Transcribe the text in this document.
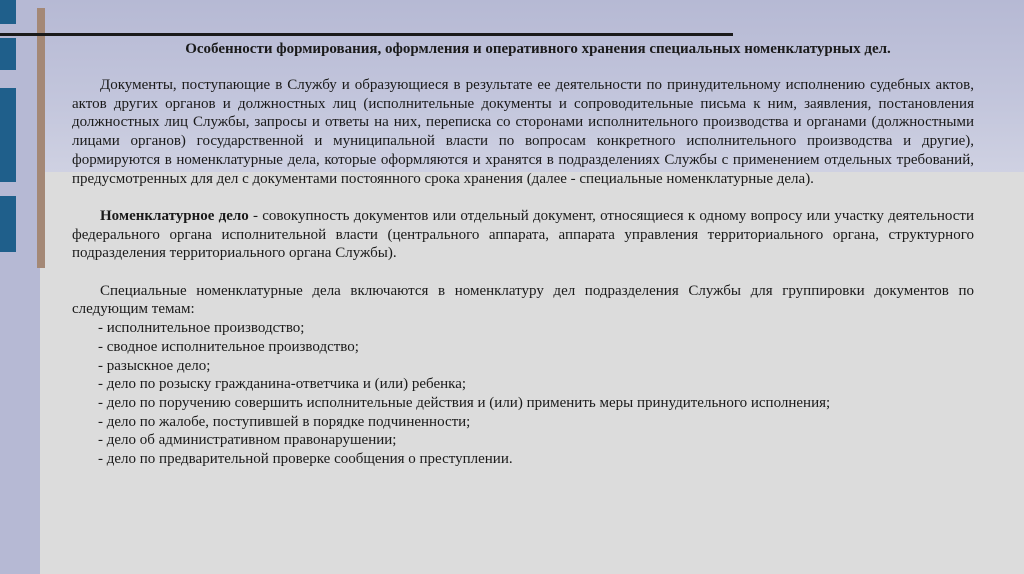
Особенности формирования, оформления и оперативного хранения специальных номенклатурных дел.

Документы, поступающие в Службу и образующиеся в результате ее деятельности по принудительному исполнению судебных актов, актов других органов и должностных лиц (исполнительные документы и сопроводительные письма к ним, заявления, постановления должностных лиц Службы, запросы и ответы на них, переписка со сторонами исполнительного производства и органами (должностными лицами органов) государственной и муниципальной власти по вопросам конкретного исполнительного производства и другие), формируются в номенклатурные дела, которые оформляются и хранятся в подразделениях Службы с применением отдельных требований, предусмотренных для дел с документами постоянного срока хранения (далее - специальные номенклатурные дела).

Номенклатурное дело - совокупность документов или отдельный документ, относящиеся к одному вопросу или участку деятельности федерального органа исполнительной власти (центрального аппарата, аппарата управления территориального органа, структурного подразделения территориального органа Службы).

Специальные номенклатурные дела включаются в номенклатуру дел подразделения Службы для группировки документов по следующим темам:

- исполнительное производство;
- сводное исполнительное производство;
- разыскное дело;
- дело по розыску гражданина-ответчика и (или) ребенка;
- дело по поручению совершить исполнительные действия и (или) применить меры принудительного исполнения;
- дело по жалобе, поступившей в порядке подчиненности;
- дело об административном правонарушении;
- дело по предварительной проверке сообщения о преступлении.
